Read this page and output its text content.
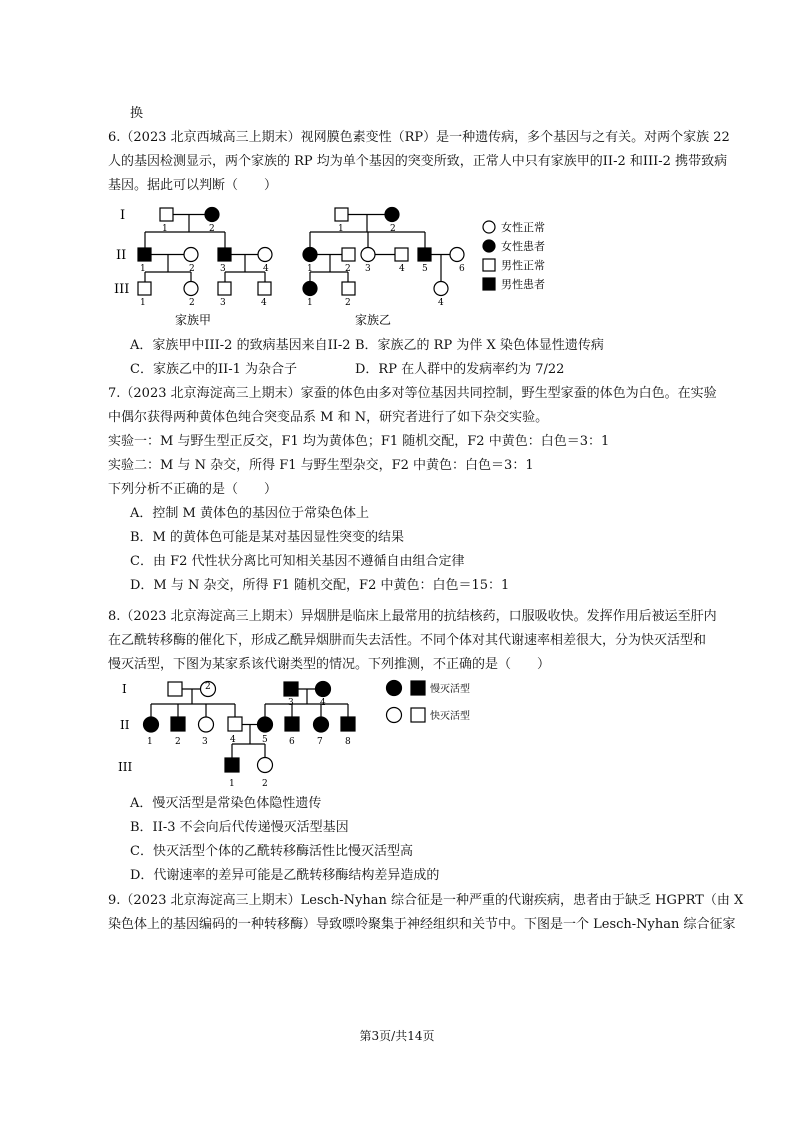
换
6.（2023 北京西城高三上期末）视网膜色素变性（RP）是一种遗传病，多个基因与之有关。对两个家族 22
人的基因检测显示，两个家族的 RP 均为单个基因的突变所致，正常人中只有家族甲的II-2 和III-2 携带致病
基因。据此可以判断（　　）
1	2
1	2	3	4
1	2	3	4
1	2
1	2 3	4 5	6
1	2	4
I
II
III
家族甲	家族乙
女性正常
女性患者
男性正常
男性患者
A．家族甲中III-2 的致病基因来自II-2 B．家族乙的 RP 为伴 X 染色体显性遗传病
C．家族乙中的II-1 为杂合子	D．RP 在人群中的发病率约为 7/22
7.（2023 北京海淀高三上期末）家蚕的体色由多对等位基因共同控制，野生型家蚕的体色为白色。在实验
中偶尔获得两种黄体色纯合突变品系 M 和 N，研究者进行了如下杂交实验。
实验一：M 与野生型正反交，F1 均为黄体色；F1 随机交配，F2 中黄色：白色＝3：1
实验二：M 与 N 杂交，所得 F1 与野生型杂交，F2 中黄色：白色＝3：1
下列分析不正确的是（　　）
A．控制 M 黄体色的基因位于常染色体上
B．M 的黄体色可能是某对基因显性突变的结果
C．由 F2 代性状分离比可知相关基因不遵循自由组合定律
D．M 与 N 杂交，所得 F1 随机交配，F2 中黄色：白色＝15：1
8.（2023 北京海淀高三上期末）异烟肼是临床上最常用的抗结核药，口服吸收快。发挥作用后被运至肝内
在乙酰转移酶的催化下，形成乙酰异烟肼而失去活性。不同个体对其代谢速率相差很大，分为快灭活型和
慢灭活型，下图为某家系该代谢类型的情况。下列推测，不正确的是（　　）
2
3	4
1 2 3 4	5 6 7 8
1	2
I
II
III
慢灭活型
快灭活型
A．慢灭活型是常染色体隐性遗传
B．II-3 不会向后代传递慢灭活型基因
C．快灭活型个体的乙酰转移酶活性比慢灭活型高
D．代谢速率的差异可能是乙酰转移酶结构差异造成的
9.（2023 北京海淀高三上期末）Lesch-Nyhan 综合征是一种严重的代谢疾病，患者由于缺乏 HGPRT（由 X
染色体上的基因编码的一种转移酶）导致嘌呤聚集于神经组织和关节中。下图是一个 Lesch-Nyhan 综合征家
第3页/共14页
